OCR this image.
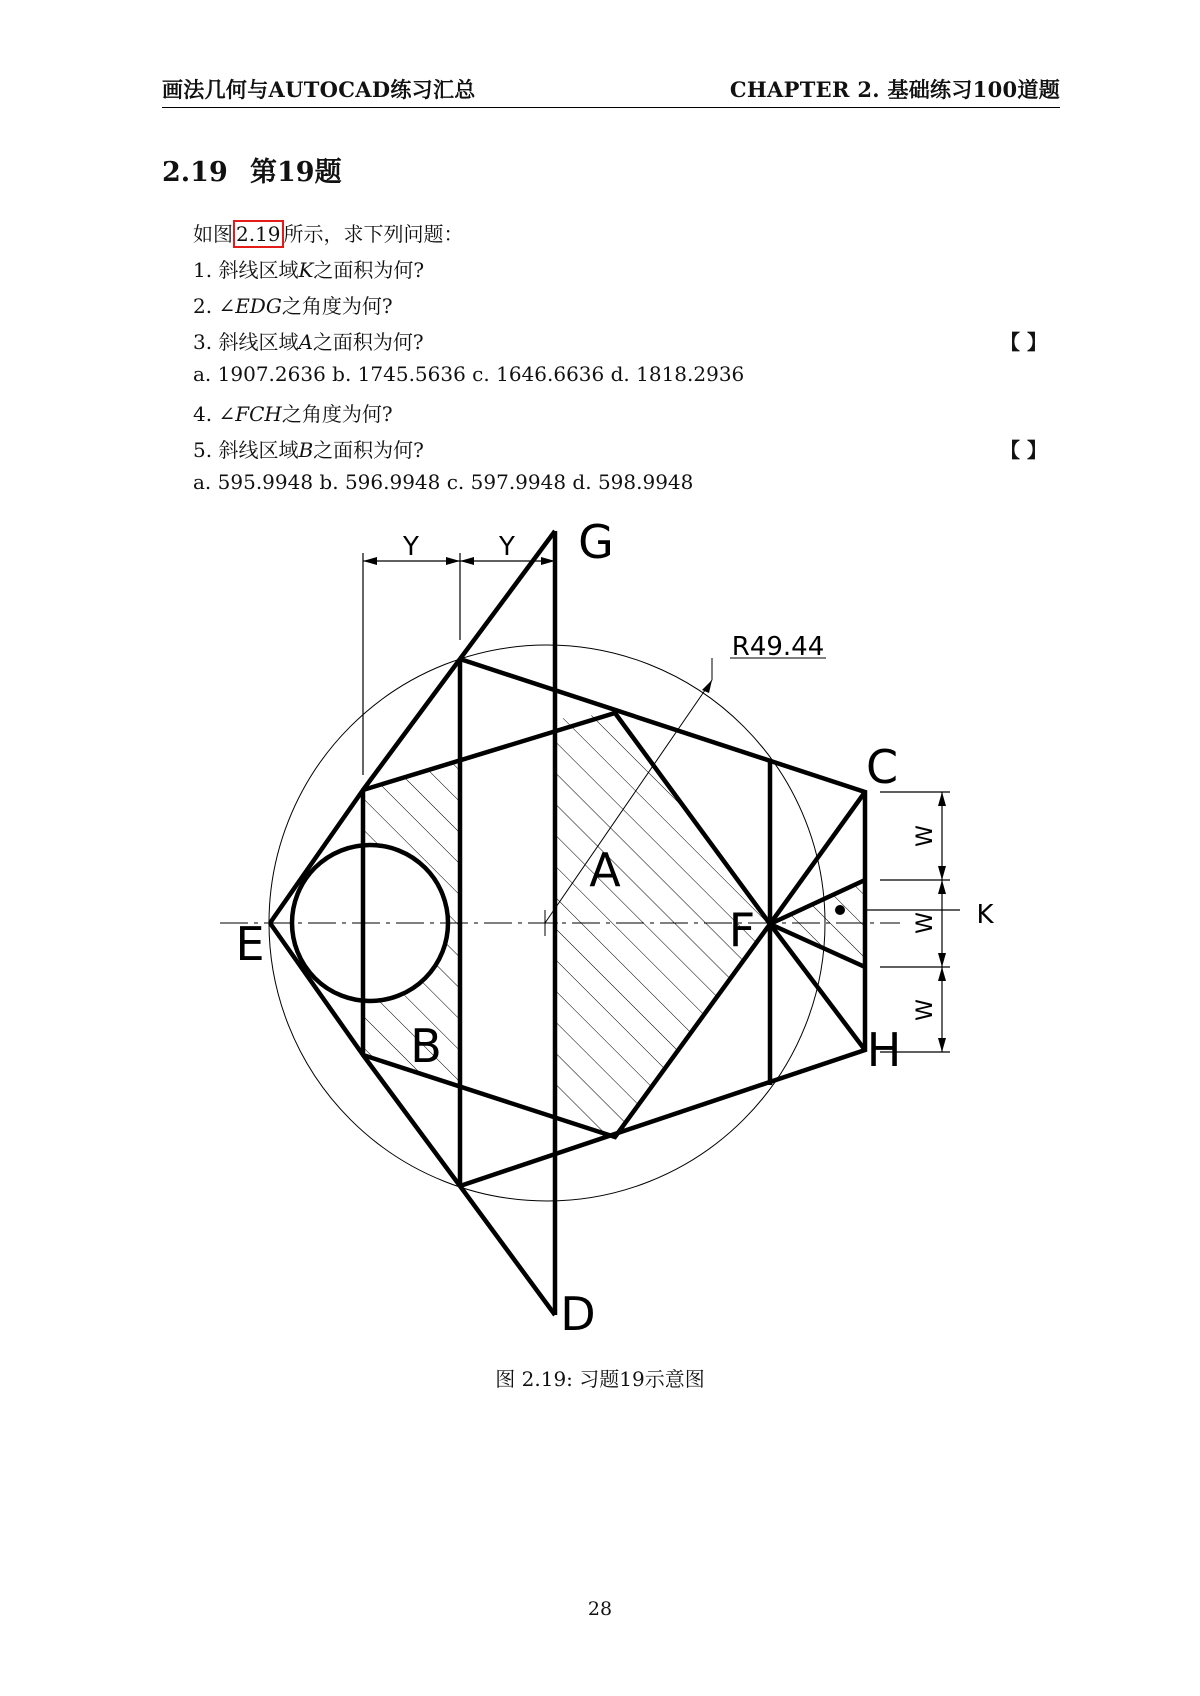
画法几何与AUTOCAD练习汇总	CHAPTER 2. 基础练习100道题
2.19 第19题
如图 2.19 所示，求下列问题：
1. 斜线区域K之面积为何?
2. ∠EDG之角度为何?
3. 斜线区域A之面积为何?	【 】
a. 1907.2636 b. 1745.5636 c. 1646.6636 d. 1818.2936
4. ∠FCH之角度为何?
5. 斜线区域B之面积为何?	【 】
a. 595.9948 b. 596.9948 c. 597.9948 d. 598.9948
Y	Y
W
W
W
G
C
E	F
H
D
A
B
K
R49.44
图 2.19: 习题19示意图
28
